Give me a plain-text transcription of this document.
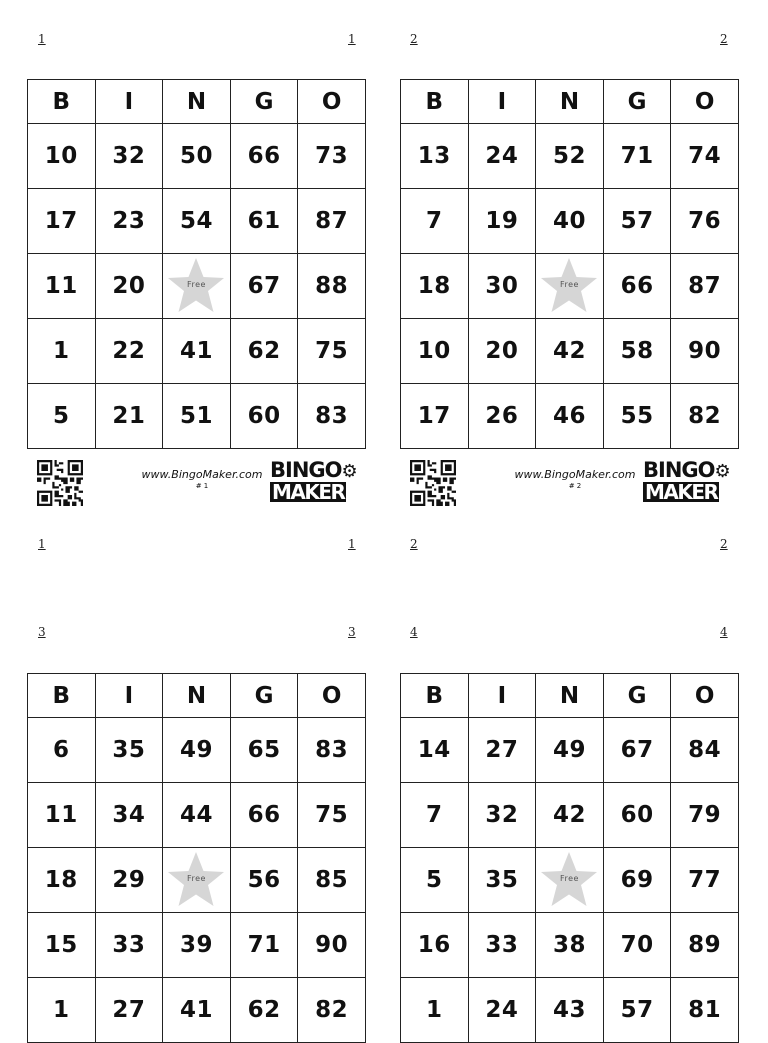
1	1	2	2
1	1	2	2
3	3	4	4
B	I	N	G	O
10	32	50	66	73
17	23	54	61	87
11	20	Free	67	88
1	22	41	62	75
5	21	51	60	83
B	I	N	G	O
13	24	52	71	74
7	19	40	57	76
18	30	Free	66	87
10	20	42	58	90
17	26	46	55	82
B	I	N	G	O
6	35	49	65	83
11	34	44	66	75
18	29	Free	56	85
15	33	39	71	90
1	27	41	62	82
B	I	N	G	O
14	27	49	67	84
7	32	42	60	79
5	35	Free	69	77
16	33	38	70	89
1	24	43	57	81
www.BingoMaker.com
# 1
BINGO⚙
MAKER
www.BingoMaker.com
# 2
BINGO⚙
MAKER
